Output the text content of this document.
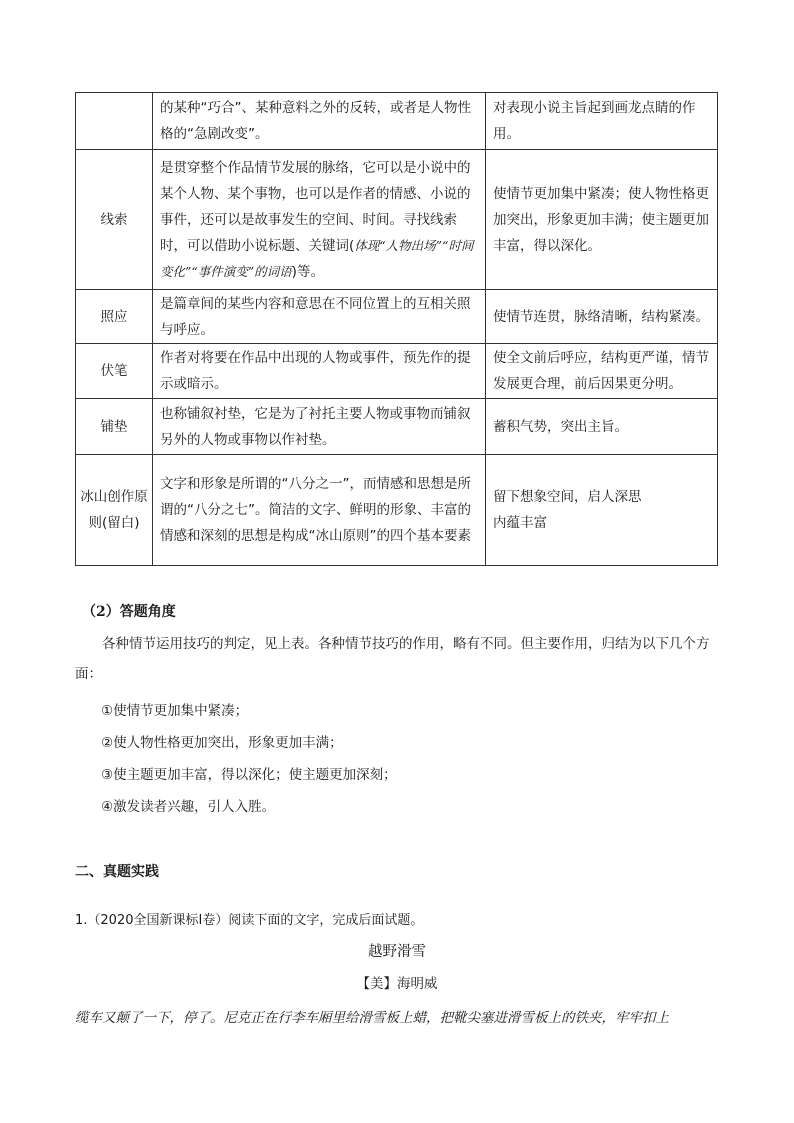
	的某种“巧合”、某种意料之外的反转，或者是人物性格的“急剧改变”。	对表现小说主旨起到画龙点睛的作用。
线索	是贯穿整个作品情节发展的脉络，它可以是小说中的某个人物、某个事物，也可以是作者的情感、小说的事件，还可以是故事发生的空间、时间。寻找线索时，可以借助小说标题、关键词(体现“人物出场”“时间变化”“事件演变”的词语)等。	使情节更加集中紧凑；使人物性格更加突出，形象更加丰满；使主题更加丰富，得以深化。
照应	是篇章间的某些内容和意思在不同位置上的互相关照与呼应。	使情节连贯，脉络清晰，结构紧凑。
伏笔	作者对将要在作品中出现的人物或事件，预先作的提示或暗示。	使全文前后呼应，结构更严谨，情节发展更合理，前后因果更分明。
铺垫	也称铺叙衬垫，它是为了衬托主要人物或事物而铺叙另外的人物或事物以作衬垫。	蓄积气势，突出主旨。
冰山创作原则(留白)	文字和形象是所谓的“八分之一”，而情感和思想是所谓的“八分之七”。简洁的文字、鲜明的形象、丰富的情感和深刻的思想是构成“冰山原则”的四个基本要素	留下想象空间，启人深思
内蕴丰富
（2）答题角度
各种情节运用技巧的判定，见上表。各种情节技巧的作用，略有不同。但主要作用，归结为以下几个方面：
①使情节更加集中紧凑；
②使人物性格更加突出，形象更加丰满；
③使主题更加丰富，得以深化；使主题更加深刻；
④激发读者兴趣，引人入胜。
二、真题实践
1.（2020全国新课标Ⅰ卷）阅读下面的文字，完成后面试题。
越野滑雪
【美】海明威
缆车又颠了一下，停了。尼克正在行李车厢里给滑雪板上蜡，把靴尖塞进滑雪板上的铁夹，牢牢扣上
